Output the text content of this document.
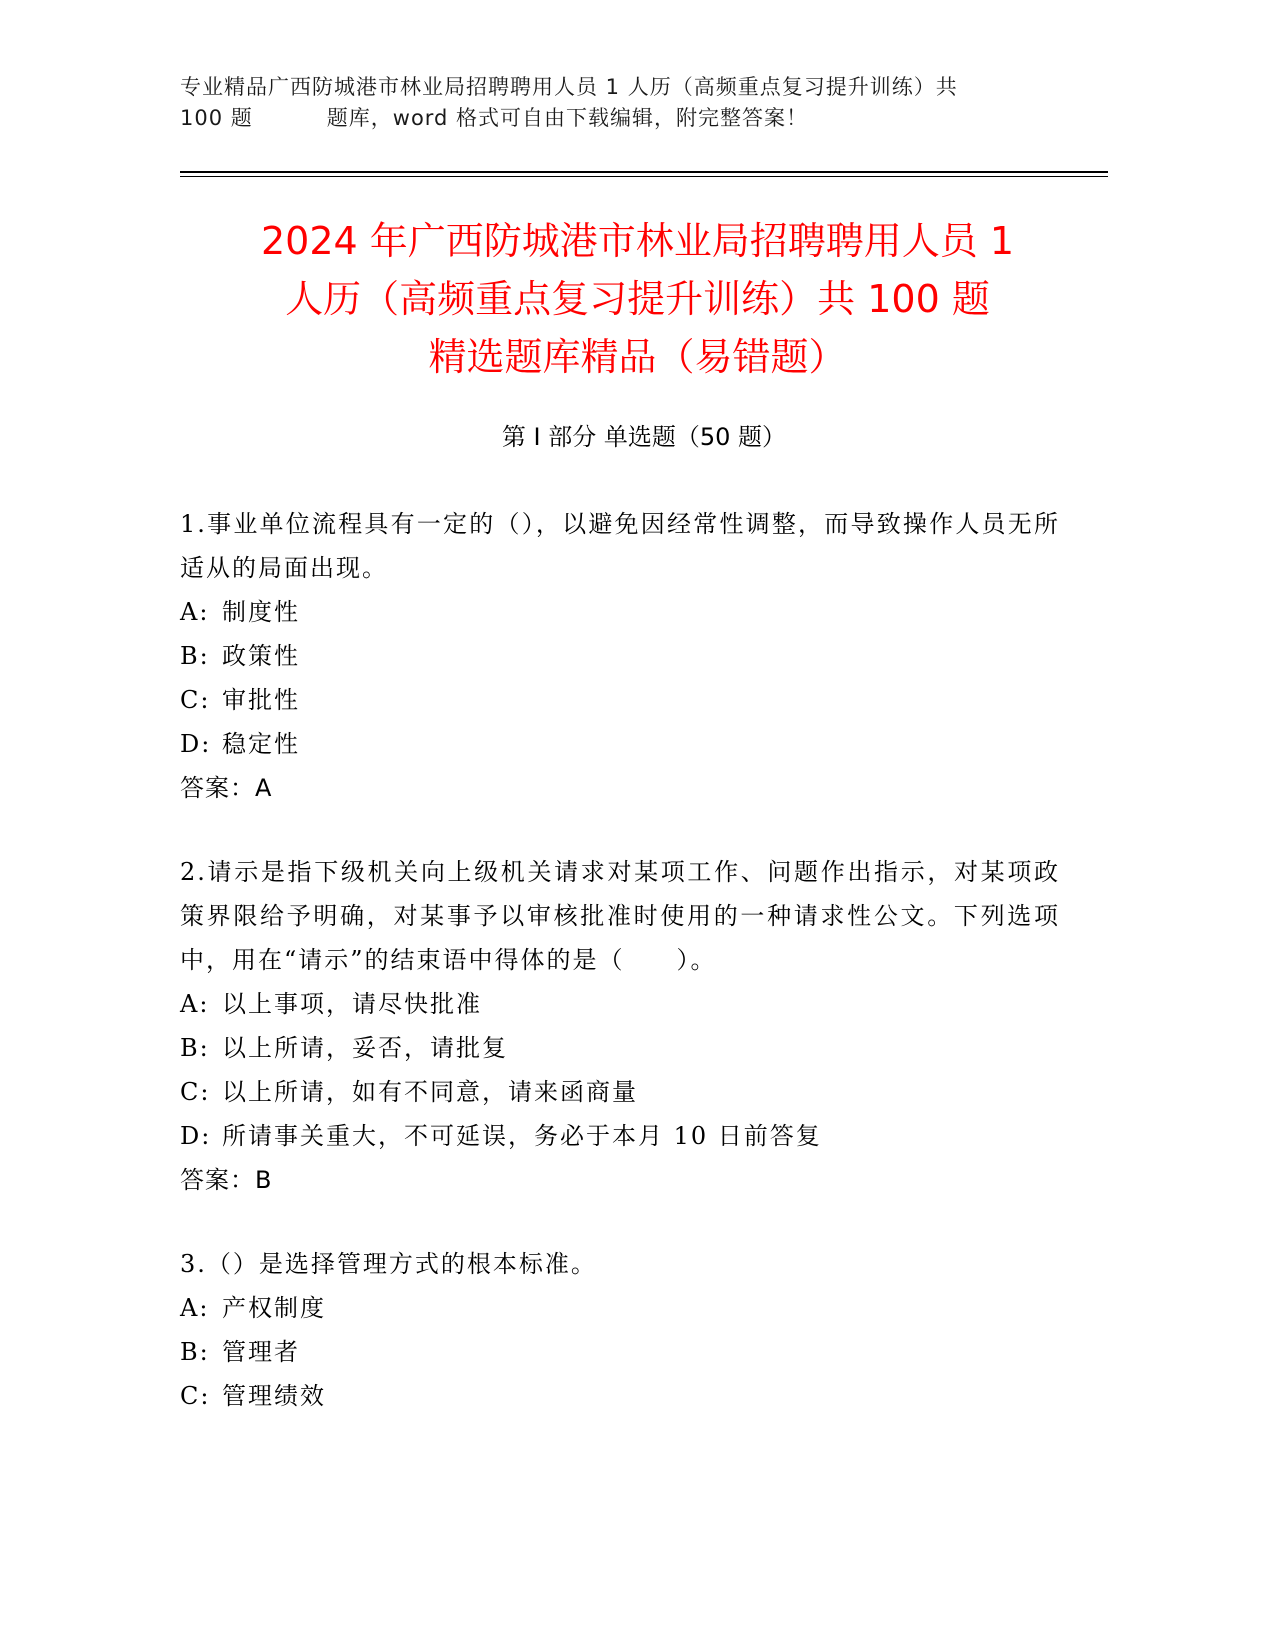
专业精品广西防城港市林业局招聘聘用人员 1 人历（高频重点复习提升训练）共
100 题	题库，word 格式可自由下载编辑，附完整答案！
2024 年广西防城港市林业局招聘聘用人员 1
人历（高频重点复习提升训练）共 100 题
精选题库精品（易错题）
第 I 部分 单选题（50 题）
1.事业单位流程具有一定的（），以避免因经常性调整，而导致操作人员无所适从的局面出现。
A: 制度性
B: 政策性
C: 审批性
D: 稳定性
答案：A
2.请示是指下级机关向上级机关请求对某项工作、问题作出指示，对某项政策界限给予明确，对某事予以审核批准时使用的一种请求性公文。下列选项中，用在“请示”的结束语中得体的是（　　）。
A: 以上事项，请尽快批准
B: 以上所请，妥否，请批复
C: 以上所请，如有不同意，请来函商量
D: 所请事关重大，不可延误，务必于本月 10 日前答复
答案：B
3.（）是选择管理方式的根本标准。
A: 产权制度
B: 管理者
C: 管理绩效
